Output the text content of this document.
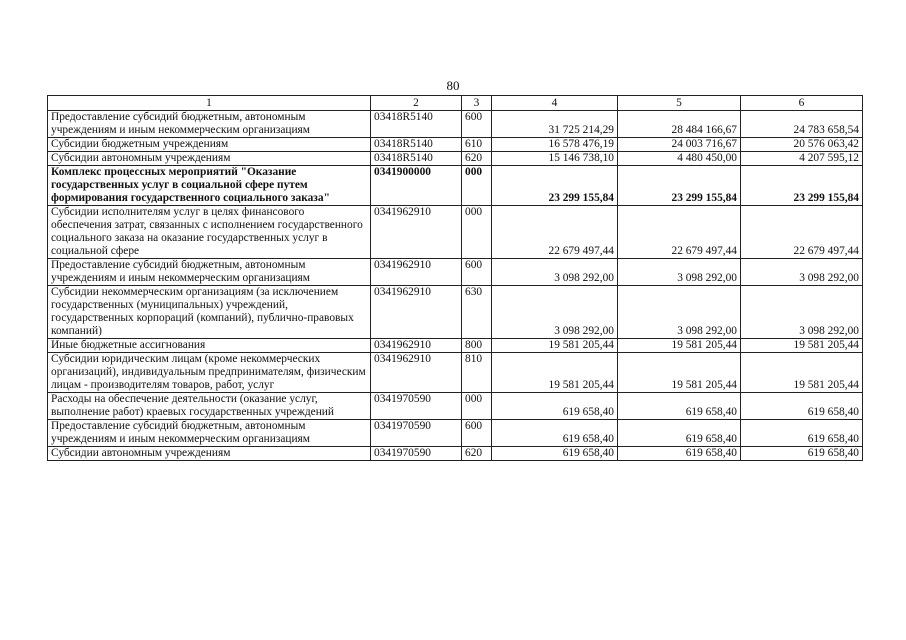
80
1	2	3	4	5	6
Предоставление субсидий бюджетным, автономным учреждениям и иным некоммерческим организациям	03418R5140	600	31 725 214,29	28 484 166,67	24 783 658,54
Субсидии бюджетным учреждениям	03418R5140	610	16 578 476,19	24 003 716,67	20 576 063,42
Субсидии автономным учреждениям	03418R5140	620	15 146 738,10	4 480 450,00	4 207 595,12
Комплекс процессных мероприятий "Оказание государственных услуг в социальной сфере путем формирования государственного социального заказа"	0341900000	000	23 299 155,84	23 299 155,84	23 299 155,84
Субсидии исполнителям услуг в целях финансового обеспечения затрат, связанных с исполнением государственного социального заказа на оказание государственных услуг в социальной сфере	0341962910	000	22 679 497,44	22 679 497,44	22 679 497,44
Предоставление субсидий бюджетным, автономным учреждениям и иным некоммерческим организациям	0341962910	600	3 098 292,00	3 098 292,00	3 098 292,00
Субсидии некоммерческим организациям (за исключением государственных (муниципальных) учреждений, государственных корпораций (компаний), публично-правовых компаний)	0341962910	630	3 098 292,00	3 098 292,00	3 098 292,00
Иные бюджетные ассигнования	0341962910	800	19 581 205,44	19 581 205,44	19 581 205,44
Субсидии юридическим лицам (кроме некоммерческих организаций), индивидуальным предпринимателям, физическим лицам - производителям товаров, работ, услуг	0341962910	810	19 581 205,44	19 581 205,44	19 581 205,44
Расходы на обеспечение деятельности (оказание услуг, выполнение работ) краевых государственных учреждений	0341970590	000	619 658,40	619 658,40	619 658,40
Предоставление субсидий бюджетным, автономным учреждениям и иным некоммерческим организациям	0341970590	600	619 658,40	619 658,40	619 658,40
Субсидии автономным учреждениям	0341970590	620	619 658,40	619 658,40	619 658,40
